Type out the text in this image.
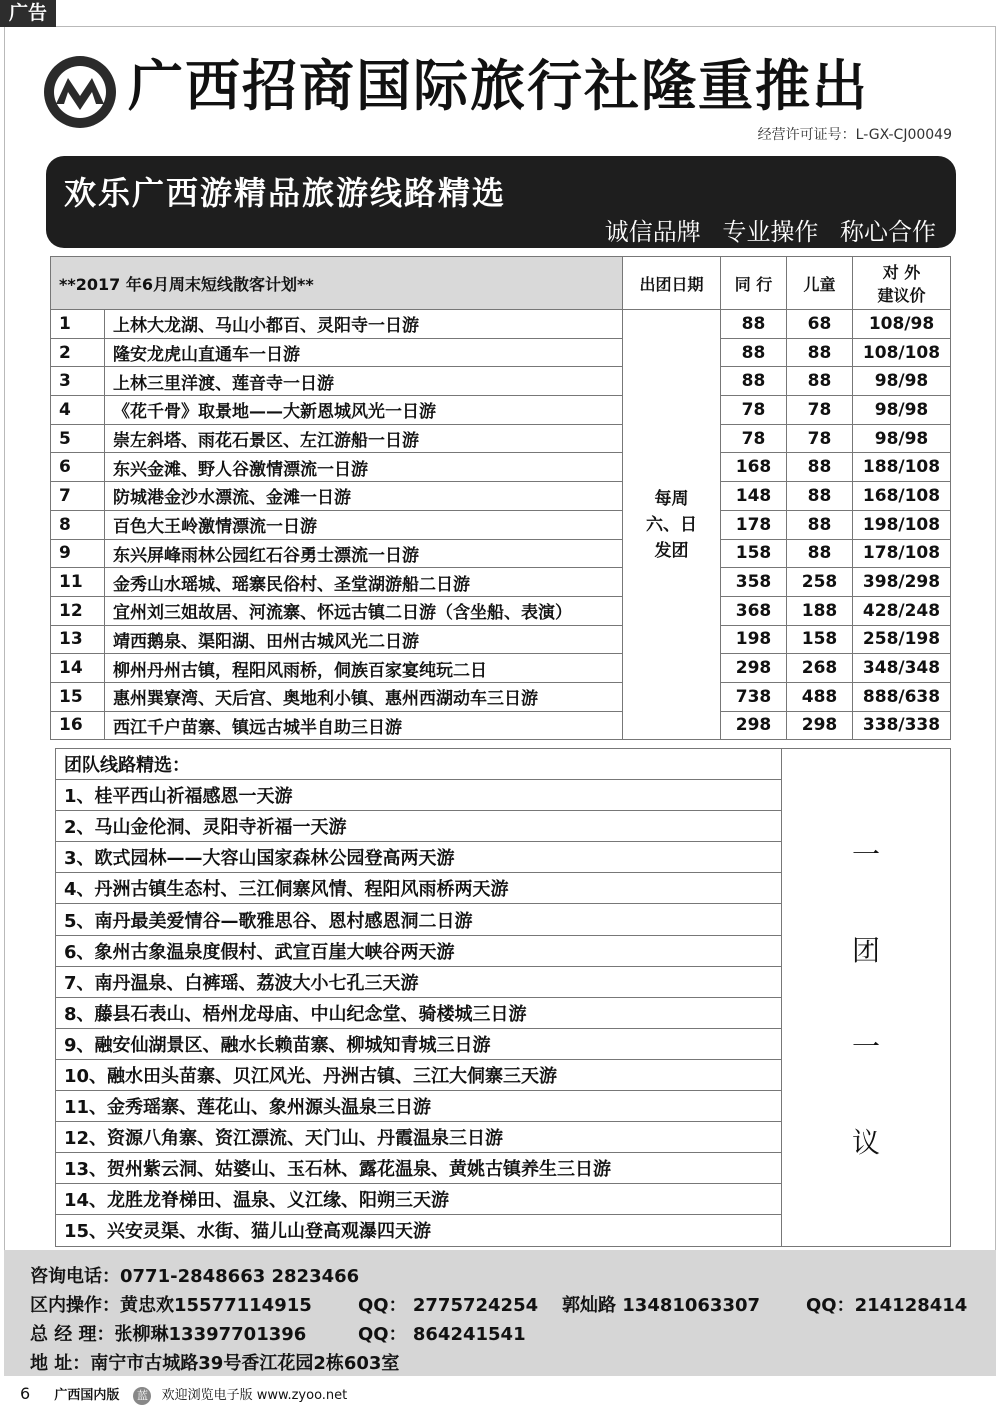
广告
广西招商国际旅行社隆重推出
经营许可证号：L-GX-CJ00049
欢乐广西游精品旅游线路精选
诚信品牌 专业操作 称心合作
**2017 年6月周末短线散客计划**		出团日期	同 行	儿童	对 外
建议价

1	上林大龙湖、马山小都百、灵阳寺一日游	每周
六、日
发团	88	68	108/98
2	隆安龙虎山直通车一日游		88	88	108/108
3	上林三里洋渡、莲音寺一日游		88	88	98/98
4	《花千骨》取景地——大新恩城风光一日游		78	78	98/98
5	崇左斜塔、雨花石景区、左江游船一日游		78	78	98/98
6	东兴金滩、野人谷激情漂流一日游		168	88	188/108
7	防城港金沙水漂流、金滩一日游		148	88	168/108
8	百色大王岭激情漂流一日游		178	88	198/108
9	东兴屏峰雨林公园红石谷勇士漂流一日游		158	88	178/108
11	金秀山水瑶城、瑶寨民俗村、圣堂湖游船二日游		358	258	398/298
12	宜州刘三姐故居、河流寨、怀远古镇二日游（含坐船、表演）		368	188	428/248
13	靖西鹅泉、渠阳湖、田州古城风光二日游		198	158	258/198
14	柳州丹州古镇，程阳风雨桥，侗族百家宴纯玩二日		298	268	348/348
15	惠州巽寮湾、天后宫、奥地利小镇、惠州西湖动车三日游		738	488	888/638
16	西江千户苗寨、镇远古城半自助三日游		298	298	338/338
团队线路精选：	
一
团
一
议

1、桂平西山祈福感恩一天游
2、马山金伦洞、灵阳寺祈福一天游
3、欧式园林——大容山国家森林公园登高两天游
4、丹洲古镇生态村、三江侗寨风情、程阳风雨桥两天游
5、南丹最美爱情谷—歌雅思谷、恩村感恩洞二日游
6、象州古象温泉度假村、武宣百崖大峡谷两天游
7、南丹温泉、白裤瑶、荔波大小七孔三天游
8、藤县石表山、梧州龙母庙、中山纪念堂、骑楼城三日游
9、融安仙湖景区、融水长赖苗寨、柳城知青城三日游
10、融水田头苗寨、贝江风光、丹洲古镇、三江大侗寨三天游
11、金秀瑶寨、莲花山、象州源头温泉三日游
12、资源八角寨、资江漂流、天门山、丹霞温泉三日游
13、贺州紫云洞、姑婆山、玉石林、露花温泉、黄姚古镇养生三日游
14、龙胜龙脊梯田、温泉、义江缘、阳朔三天游
15、兴安灵渠、水街、猫儿山登高观瀑四天游
咨询电话：0771-2848663 2823466
区内操作：黄忠欢15577114915	QQ： 2775724254 郭灿路 13481063307	QQ：214128414
总 经 理：张柳琳13397701396	QQ： 864241541
地 址：南宁市古城路39号香江花园2栋603室
6 广西国内版 蓝 欢迎浏览电子版 www.zyoo.net
